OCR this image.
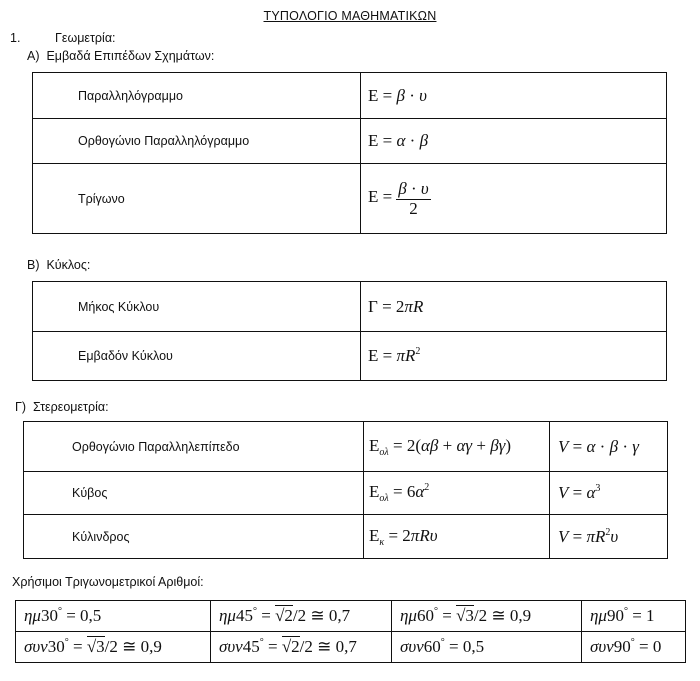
ΤΥΠΟΛΟΓΙΟ ΜΑΘΗΜΑΤΙΚΩΝ
1.	Γεωμετρία:
A)  Εμβαδά Επιπέδων Σχημάτων:
Παραλληλόγραμμο	Ε = β · υ
Ορθογώνιο Παραλληλόγραμμο	Ε = α · β
Τρίγωνο	$E = \frac{\beta \cdot \upsilon}{2}$
B)  Κύκλος:
Μήκος Κύκλου	Γ = 2πR
Εμβαδόν Κύκλου	$E = \pi R^2$
Γ)  Στερεομετρία:
Ορθογώνιο Παραλληλεπίπεδο	$E_{o\lambda} = 2(\alpha\beta + \alpha\gamma + \beta\gamma)$	V = α · β · γ
Κύβος	$E_{o\lambda} = 6\alpha^2$	$V = \alpha^3$
Κύλινδρος	$E_\kappa = 2\pi R\upsilon$	$V = \pi R^2\upsilon$
Χρήσιμοι Τριγωνομετρικοί Αριθμοί:
ημ30° = 0,5	ημ45° = √2/2 ≅ 0,7	ημ60° = √3/2 ≅ 0,9	ημ90° = 1
συν30° = √3/2 ≅ 0,9	συν45° = √2/2 ≅ 0,7	συν60° = 0,5	συν90° = 0
